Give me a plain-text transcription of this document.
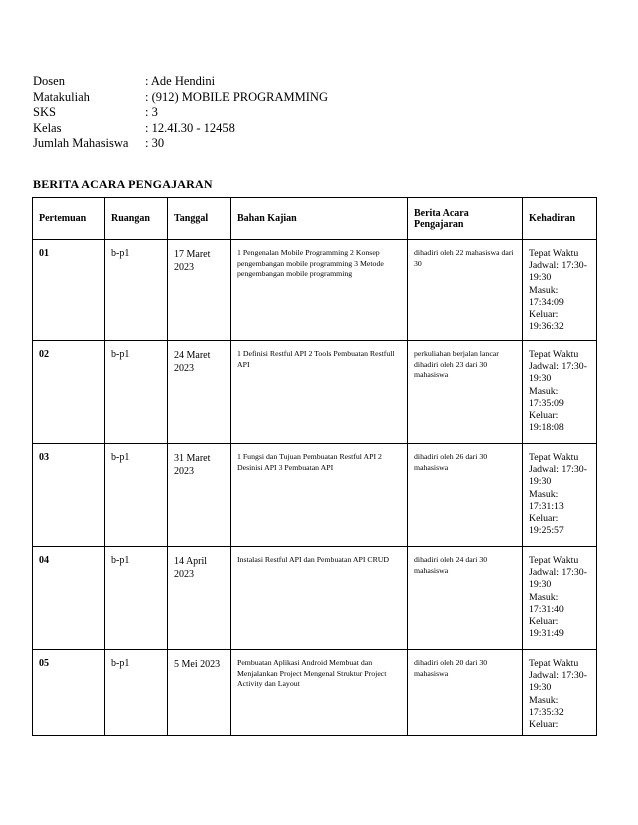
Dosen	: Ade Hendini
Matakuliah	: (912) MOBILE PROGRAMMING
SKS	: 3
Kelas	: 12.4I.30 - 12458
Jumlah Mahasiswa	: 30
BERITA ACARA PENGAJARAN
Pertemuan	Ruangan	Tanggal	Bahan Kajian	Berita Acara Pengajaran	Kehadiran
01	b-p1	17 Maret 2023	1 Pengenalan Mobile Programming 2 Konsep pengembangan mobile programming 3 Metode pengembangan mobile programming	dihadiri oleh 22 mahasiswa dari 30	Tepat Waktu
Jadwal: 17:30-19:30
Masuk: 17:34:09
Keluar: 19:36:32

02	b-p1	24 Maret 2023	1 Definisi Restful API 2 Tools Pembuatan Restfull API	perkuliahan berjalan lancar dihadiri oleh 23 dari 30 mahasiswa	Tepat Waktu
Jadwal: 17:30-19:30
Masuk: 17:35:09
Keluar: 19:18:08

03	b-p1	31 Maret 2023	1 Fungsi dan Tujuan Pembuatan Restful API 2 Desinisi API 3 Pembuatan API	dihadiri oleh 26 dari 30 mahasiswa	Tepat Waktu
Jadwal: 17:30-19:30
Masuk: 17:31:13
Keluar: 19:25:57

04	b-p1	14 April 2023	Instalasi Restful API dan Pembuatan API CRUD	dihadiri oleh 24 dari 30 mahasiswa	Tepat Waktu
Jadwal: 17:30-19:30
Masuk: 17:31:40
Keluar: 19:31:49

05	b-p1	5 Mei 2023	Pembuatan Aplikasi Android Membuat dan Menjalankan Project Mengenal Struktur Project Activity dan Layout	dihadiri oleh 20 dari 30 mahasiswa	Tepat Waktu
Jadwal: 17:30-19:30
Masuk: 17:35:32
Keluar:
